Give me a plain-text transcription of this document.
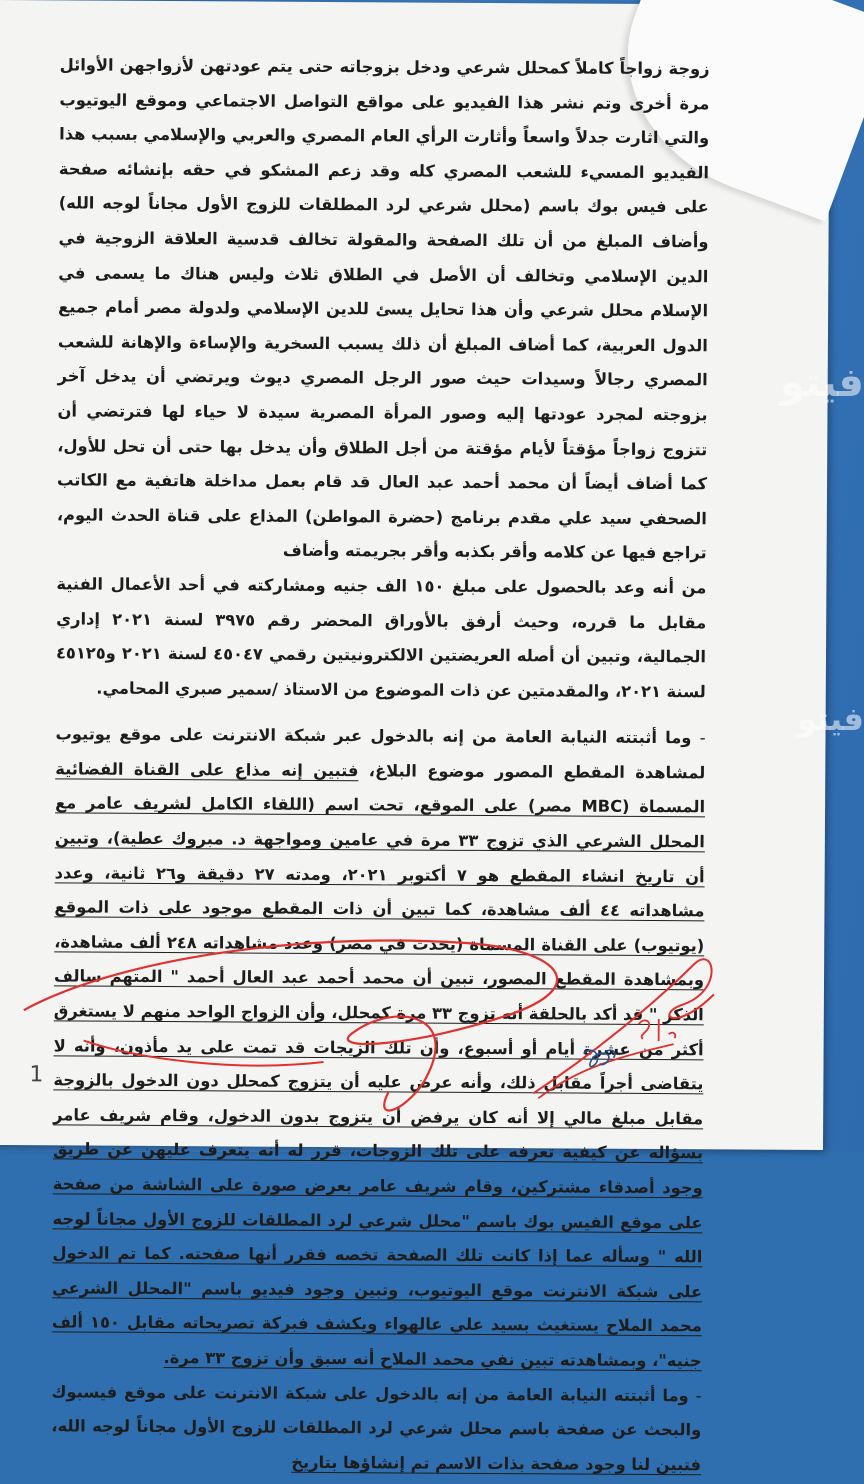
زوجة زواجاً كاملاً كمحلل شرعي ودخل بزوجاته حتى يتم عودتهن لأزواجهن الأوائل مرة أخرى وتم نشر هذا الفيديو على مواقع التواصل الاجتماعي وموقع اليوتيوب والتي اثارت جدلاً واسعاً وأثارت الرأي العام المصري والعربي والإسلامي بسبب هذا الفيديو المسيء للشعب المصري كله وقد زعم المشكو في حقه بإنشائه صفحة على فيس بوك باسم (محلل شرعي لرد المطلقات للزوج الأول مجاناً لوجه الله) وأضاف المبلغ من أن تلك الصفحة والمقولة تخالف قدسية العلاقة الزوجية في الدين الإسلامي وتخالف أن الأصل في الطلاق ثلاث وليس هناك ما يسمى في الإسلام محلل شرعي وأن هذا تحايل يسئ للدين الإسلامي ولدولة مصر أمام جميع الدول العربية، كما أضاف المبلغ أن ذلك يسبب السخرية والإساءة والإهانة للشعب المصري رجالاً وسيدات حيث صور الرجل المصري ديوث ويرتضي أن يدخل آخر بزوجته لمجرد عودتها إليه وصور المرأة المصرية سيدة لا حياء لها فترتضي أن تتزوج زواجاً مؤقتاً لأيام مؤقتة من أجل الطلاق وأن يدخل بها حتى أن تحل للأول، كما أضاف أيضاً أن محمد أحمد عبد العال قد قام بعمل مداخلة هاتفية مع الكاتب الصحفي سيد علي مقدم برنامج (حضرة المواطن) المذاع على قناة الحدث اليوم، تراجع فيها عن كلامه وأقر بكذبه وأقر بجريمته وأضاف

من أنه وعد بالحصول على مبلغ ١٥٠ الف جنيه ومشاركته في أحد الأعمال الفنية مقابل ما قرره، وحيث أرفق بالأوراق المحضر رقم ٣٩٧٥ لسنة ٢٠٢١ إداري الجمالية، وتبين أن أصله العريضتين الالكترونيتين رقمي ٤٥٠٤٧ لسنة ٢٠٢١ و٤٥١٢٥ لسنة ٢٠٢١، والمقدمتين عن ذات الموضوع من الاستاذ /سمير صبري المحامي.

- وما أثبتته النيابة العامة من إنه بالدخول عبر شبكة الانترنت على موقع يوتيوب لمشاهدة المقطع المصور موضوع البلاغ، فتبين إنه مذاع على القناة الفضائية المسماة (MBC مصر) على الموقع، تحت اسم (اللقاء الكامل لشريف عامر مع المحلل الشرعي الذي تزوج ٣٣ مرة في عامين ومواجهة د. مبروك عطية)، وتبين أن تاريخ انشاء المقطع هو ٧ أكتوبر ٢٠٢١، ومدته ٢٧ دقيقة و٢٦ ثانية، وعدد مشاهداته ٤٤ ألف مشاهدة، كما تبين أن ذات المقطع موجود على ذات الموقع (يوتيوب) على القناة المسماة (يحدث في مصر) وعدد مشاهداته ٢٤٨ ألف مشاهدة، وبمشاهدة المقطع المصور، تبين أن محمد أحمد عبد العال أحمد " المتهم سالف الذكر " قد أكد بالحلقة أنه تزوج ٣٣ مرة كمحلل، وأن الزواج الواحد منهم لا يستغرق أكثر من عشرة أيام أو أسبوع، وأن تلك الزيجات قد تمت على يد مأذون، وأنه لا يتقاضى أجراً مقابل ذلك، وأنه عرض عليه أن يتزوج كمحلل دون الدخول بالزوجة مقابل مبلغ مالي إلا أنه كان يرفض أن يتزوج بدون الدخول، وقام شريف عامر بسؤاله عن كيفية تعرفه على تلك الزوجات، قرر له أنه يتعرف عليهن عن طريق وجود أصدقاء مشتركين، وقام شريف عامر بعرض صورة على الشاشة من صفحة على موقع الفيس بوك باسم "محلل شرعي لرد المطلقات للزوج الأول مجاناً لوجه الله " وسأله عما إذا كانت تلك الصفحة تخصه فقرر أنها صفحته. كما تم الدخول على شبكة الانترنت موقع اليوتيوب، وتبين وجود فيديو باسم "المحلل الشرعي محمد الملاح يستغيث بسيد علي عالهواء ويكشف فبركة تصريحاته مقابل ١٥٠ ألف جنيه"، وبمشاهدته تبين نفي محمد الملاح أنه سبق وأن تزوج ٣٣ مرة.

- وما أثبتته النيابة العامة من إنه بالدخول على شبكة الانترنت على موقع فيسبوك والبحث عن صفحة باسم محلل شرعي لرد المطلقات للزوج الأول مجاناً لوجه الله، فتبين لنا وجود صفحة بذات الاسم تم إنشاؤها بتاريخ

1
فيتو
فيتو
